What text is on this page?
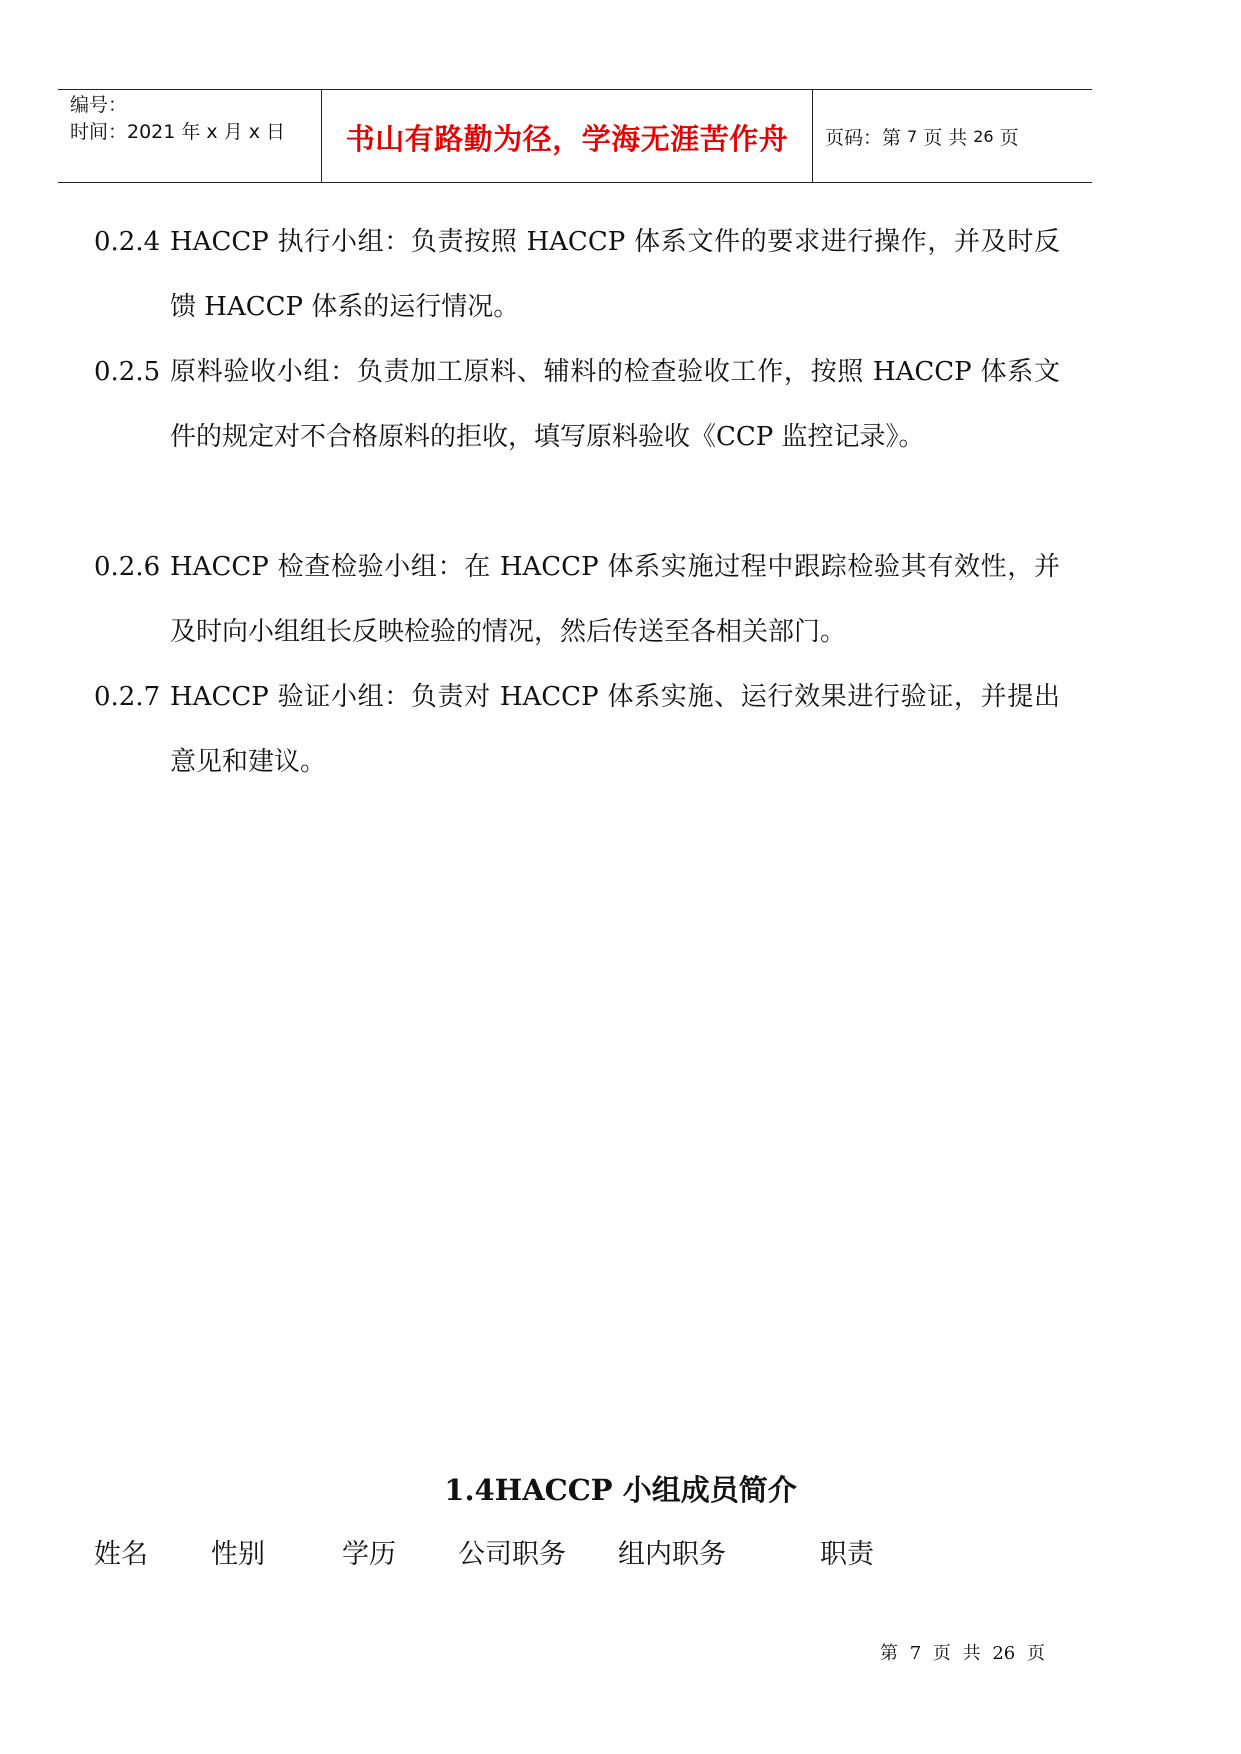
编号：
时间：2021 年 x 月 x 日 书山有路勤为径，学海无涯苦作舟 页码：第 7 页 共 26 页
0.2.4 HACCP 执行小组：负责按照 HACCP 体系文件的要求进行操作，并及时反馈 HACCP 体系的运行情况。
0.2.5 原料验收小组：负责加工原料、辅料的检查验收工作，按照 HACCP 体系文件的规定对不合格原料的拒收，填写原料验收《CCP 监控记录》。
0.2.6 HACCP 检查检验小组：在 HACCP 体系实施过程中跟踪检验其有效性，并及时向小组组长反映检验的情况，然后传送至各相关部门。
0.2.7 HACCP 验证小组：负责对 HACCP 体系实施、运行效果进行验证，并提出意见和建议。
1.4HACCP 小组成员简介
姓名 性别	学历 公司职务 组内职务	职责
第 7 页 共 26 页
